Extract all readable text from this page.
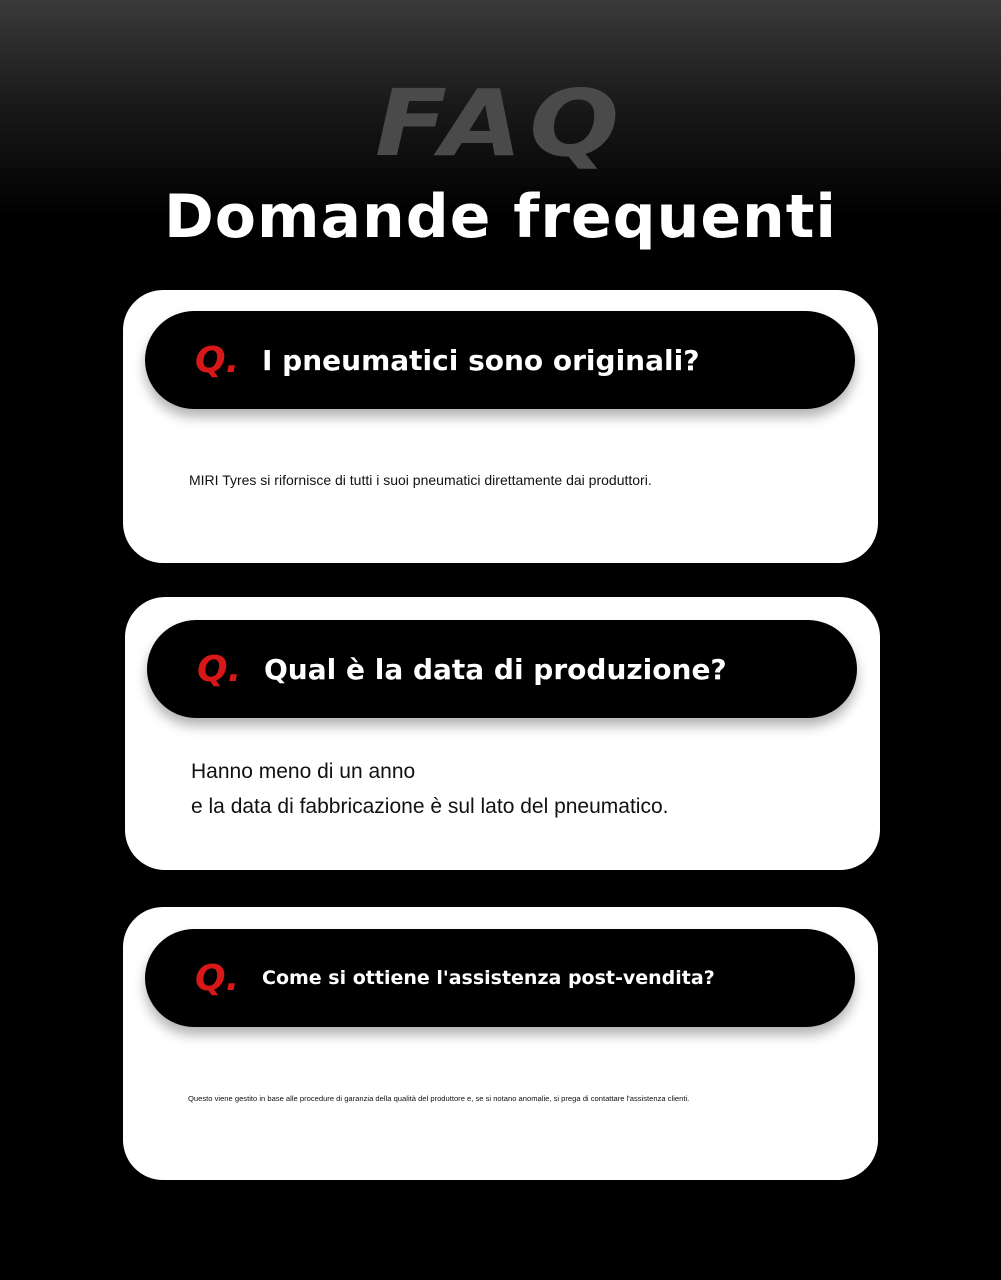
FAQ
Domande frequenti
Q. I pneumatici sono originali?
MIRI Tyres si rifornisce di tutti i suoi pneumatici direttamente dai produttori.
Q. Qual è la data di produzione?
Hanno meno di un anno
e la data di fabbricazione è sul lato del pneumatico.
Q. Come si ottiene l'assistenza post-vendita?
Questo viene gestito in base alle procedure di garanzia della qualità del produttore e, se si notano anomalie, si prega di contattare l'assistenza clienti.
